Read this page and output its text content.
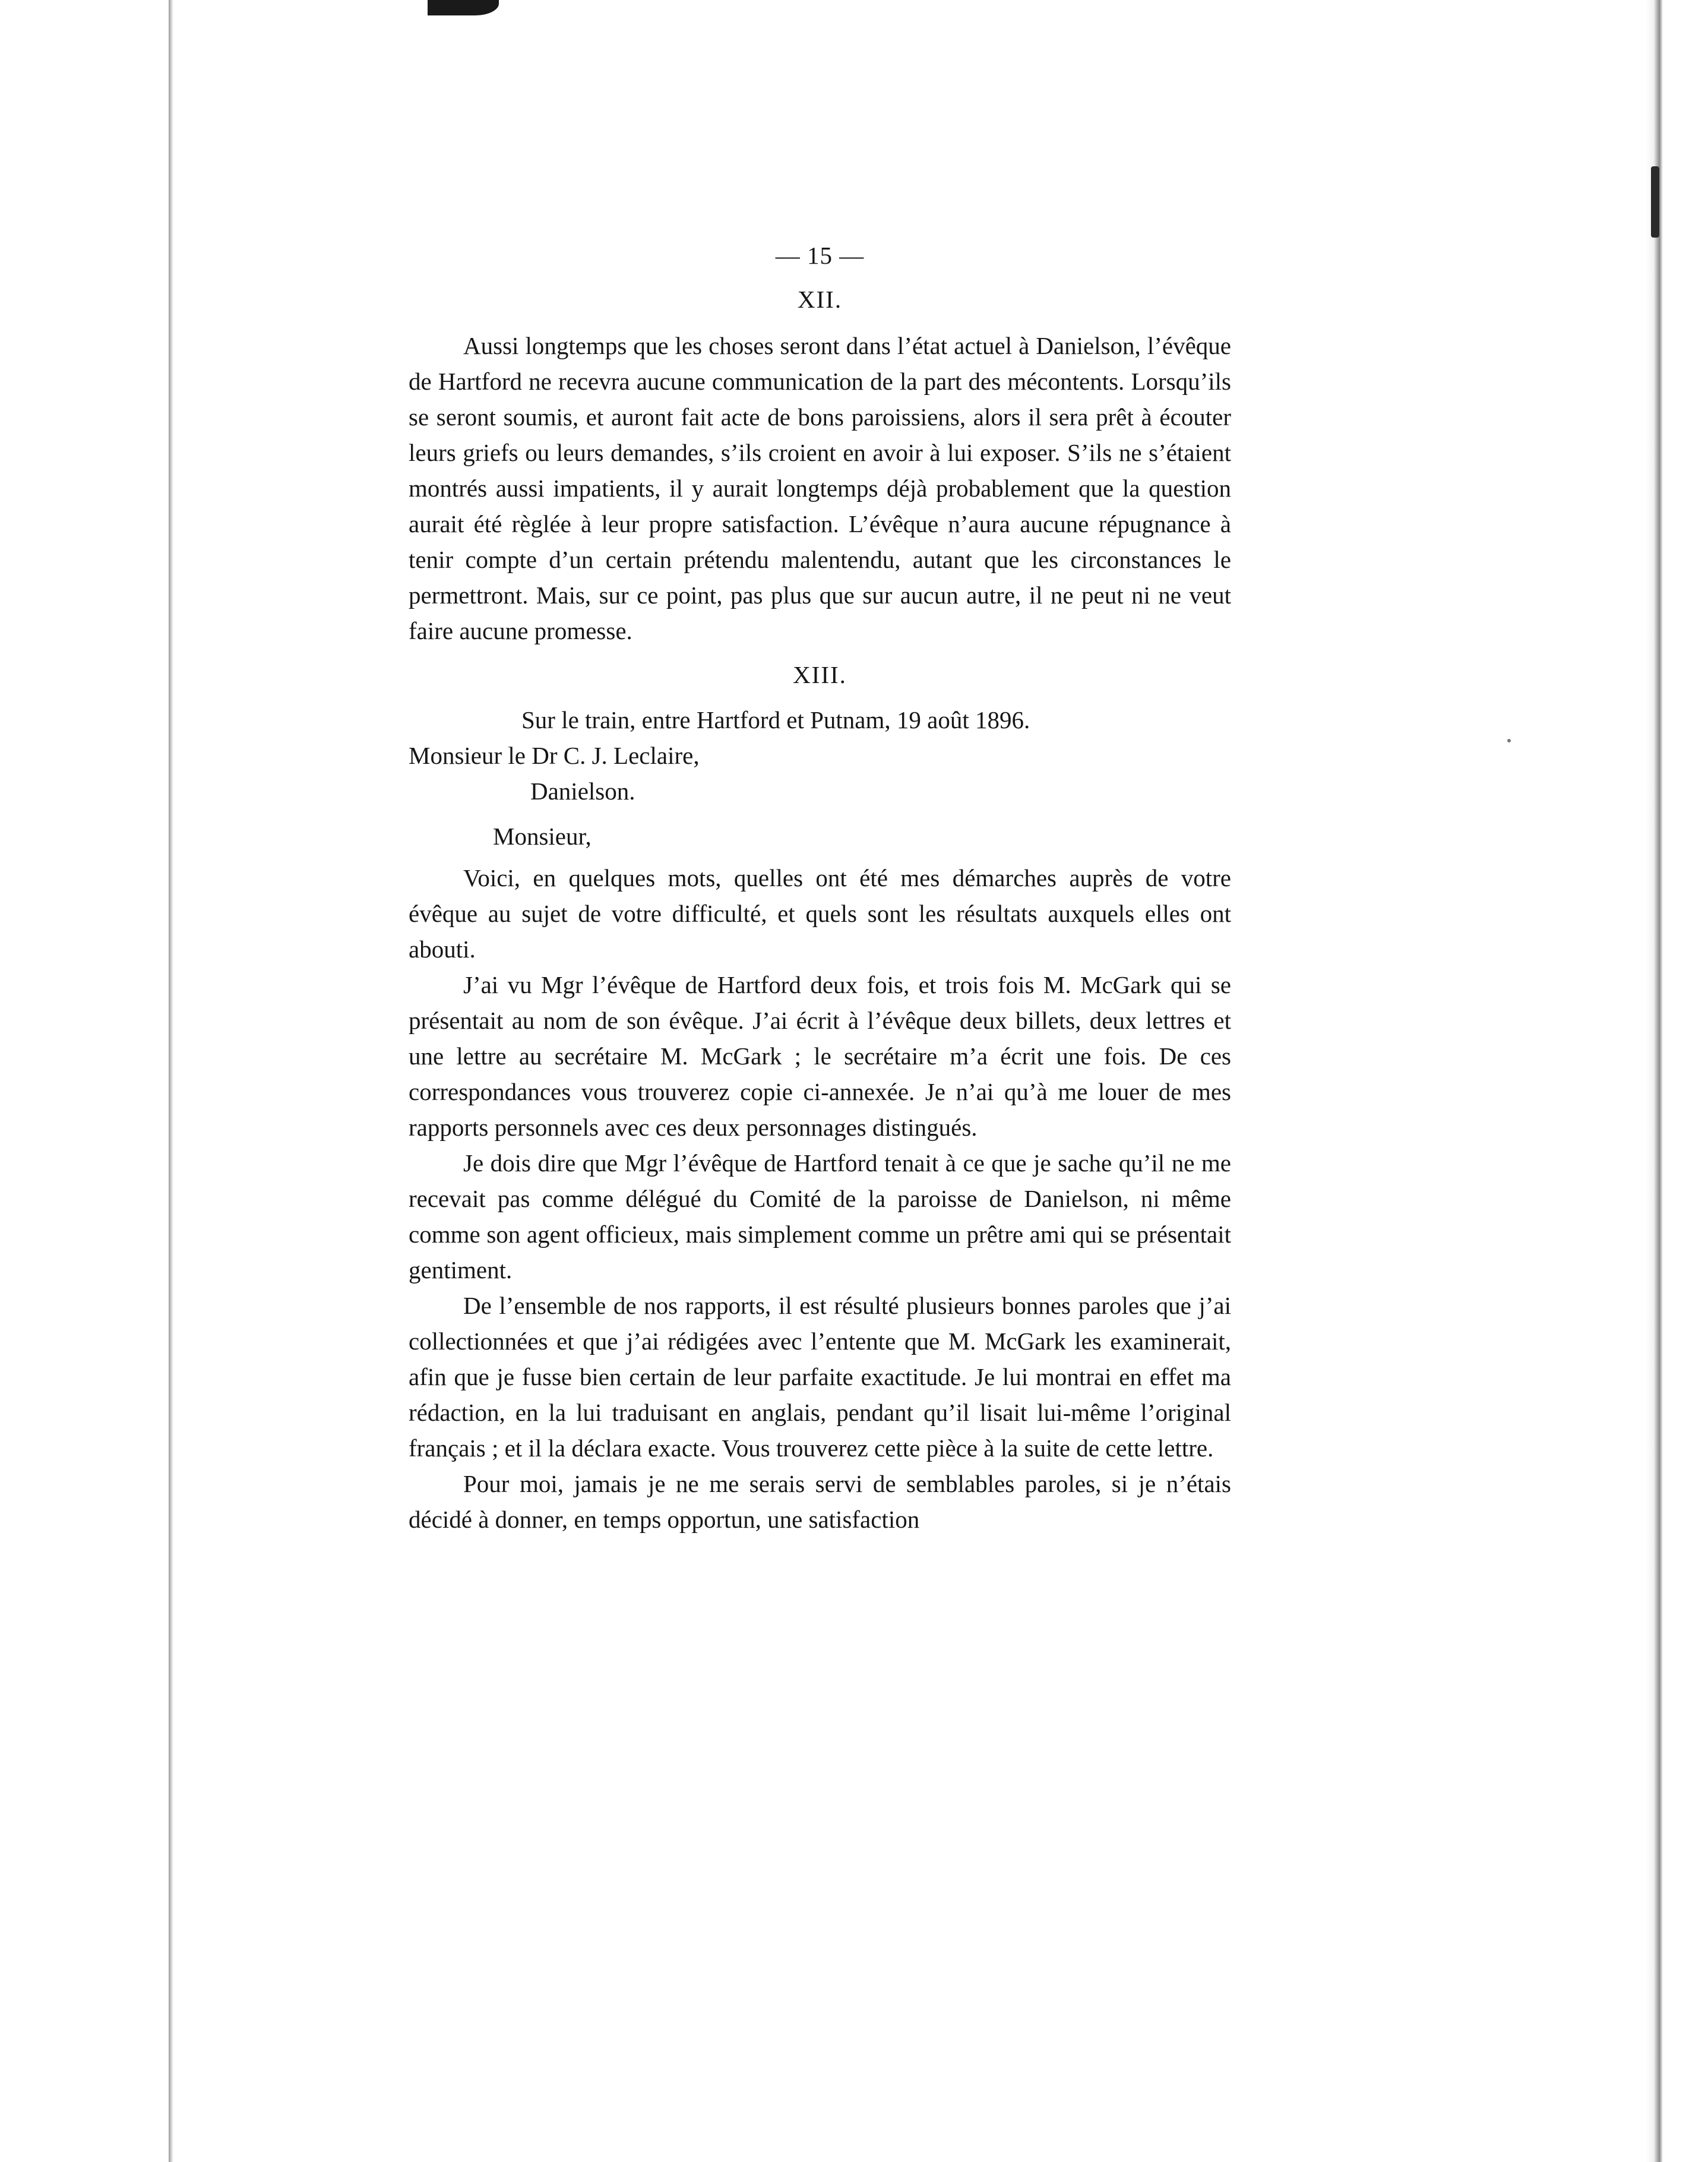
— 15 —

XII.

Aussi longtemps que les choses seront dans l’état actuel à Danielson, l’évêque de Hartford ne recevra aucune communication de la part des mécontents. Lorsqu’ils se seront soumis, et auront fait acte de bons paroissiens, alors il sera prêt à écouter leurs griefs ou leurs demandes, s’ils croient en avoir à lui exposer. S’ils ne s’étaient montrés aussi impatients, il y aurait longtemps déjà probablement que la question aurait été règlée à leur propre satisfaction. L’évêque n’aura aucune répugnance à tenir compte d’un certain prétendu malentendu, autant que les circonstances le permettront. Mais, sur ce point, pas plus que sur aucun autre, il ne peut ni ne veut faire aucune promesse.

XIII.

Sur le train, entre Hartford et Putnam, 19 août 1896.

Monsieur le Dr C. J. Leclaire,

Danielson.

Monsieur,

Voici, en quelques mots, quelles ont été mes démarches auprès de votre évêque au sujet de votre difficulté, et quels sont les résultats auxquels elles ont abouti.

J’ai vu Mgr l’évêque de Hartford deux fois, et trois fois M. McGark qui se présentait au nom de son évêque. J’ai écrit à l’évêque deux billets, deux lettres et une lettre au secrétaire M. McGark ; le secrétaire m’a écrit une fois. De ces correspondances vous trouverez copie ci-annexée. Je n’ai qu’à me louer de mes rapports personnels avec ces deux personnages distingués.

Je dois dire que Mgr l’évêque de Hartford tenait à ce que je sache qu’il ne me recevait pas comme délégué du Comité de la paroisse de Danielson, ni même comme son agent officieux, mais simplement comme un prêtre ami qui se présentait gentiment.

De l’ensemble de nos rapports, il est résulté plusieurs bonnes paroles que j’ai collectionnées et que j’ai rédigées avec l’entente que M. McGark les examinerait, afin que je fusse bien certain de leur parfaite exactitude. Je lui montrai en effet ma rédaction, en la lui traduisant en anglais, pendant qu’il lisait lui-même l’original français ; et il la déclara exacte. Vous trouverez cette pièce à la suite de cette lettre.

Pour moi, jamais je ne me serais servi de semblables paroles, si je n’étais décidé à donner, en temps opportun, une satisfaction
